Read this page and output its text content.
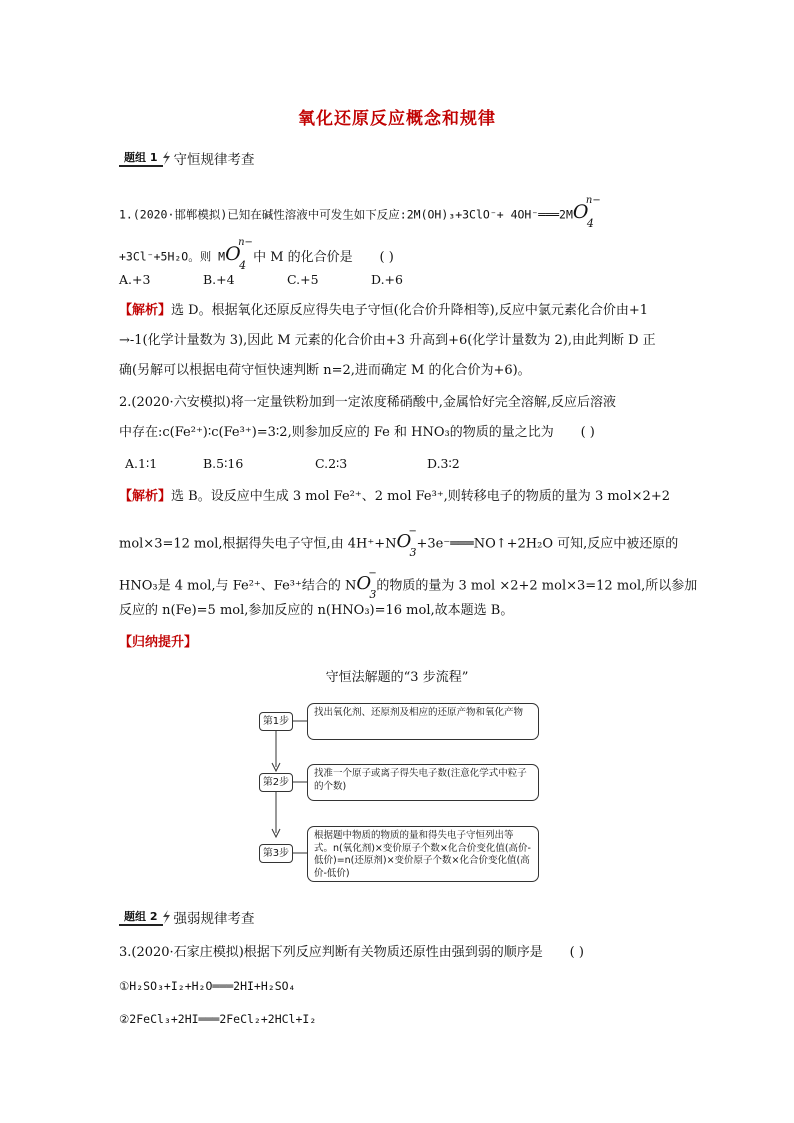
氧化还原反应概念和规律
题组 1	守恒规律考查
1.(2020·邯郸模拟)已知在碱性溶液中可发生如下反应:2M(OH)₃+3ClO⁻+ 4OH⁻═══2M O
n−
4
+3Cl⁻+5H₂O。则 M O
n−
4
中 M 的化合价是 ( )
A.+3	B.+4	C.+5	D.+6
【解析】选 D。根据氧化还原反应得失电子守恒(化合价升降相等),反应中氯元素化合价由+1
→-1(化学计量数为 3),因此 M 元素的化合价由+3 升高到+6(化学计量数为 2),由此判断 D 正
确(另解可以根据电荷守恒快速判断 n=2,进而确定 M 的化合价为+6)。
2.(2020·六安模拟)将一定量铁粉加到一定浓度稀硝酸中,金属恰好完全溶解,反应后溶液
中存在:c(Fe²⁺)∶c(Fe³⁺)=3∶2,则参加反应的 Fe 和 HNO₃的物质的量之比为 ( )
A.1∶1	B.5∶16	C.2∶3	D.3∶2
【解析】选 B。设反应中生成 3 mol Fe²⁺、2 mol Fe³⁺,则转移电子的物质的量为 3 mol×2+2
mol×3=12 mol,根据得失电子守恒,由 4H⁺+N O
−
3
+3e⁻═══NO↑+2H₂O 可知,反应中被还原的
HNO₃是 4 mol,与 Fe²⁺、Fe³⁺结合的 N O
−
3
的物质的量为 3 mol ×2+2 mol×3=12 mol,所以参加
反应的 n(Fe)=5 mol,参加反应的 n(HNO₃)=16 mol,故本题选 B。
【归纳提升】
守恒法解题的“3 步流程”
第1步
找出氧化剂、还原剂及相应的还原产物和氧化产物
第2步
找准一个原子或离子得失电子数(注意化学式中粒子的个数)
第3步
根据题中物质的物质的量和得失电子守恒列出等式。n(氧化剂)×变价原子个数×化合价变化值(高价-低价)=n(还原剂)×变价原子个数×化合价变化值(高价-低价)
题组 2	强弱规律考查
3.(2020·石家庄模拟)根据下列反应判断有关物质还原性由强到弱的顺序是 ( )
①H₂SO₃+I₂+H₂O═══2HI+H₂SO₄
②2FeCl₃+2HI═══2FeCl₂+2HCl+I₂
